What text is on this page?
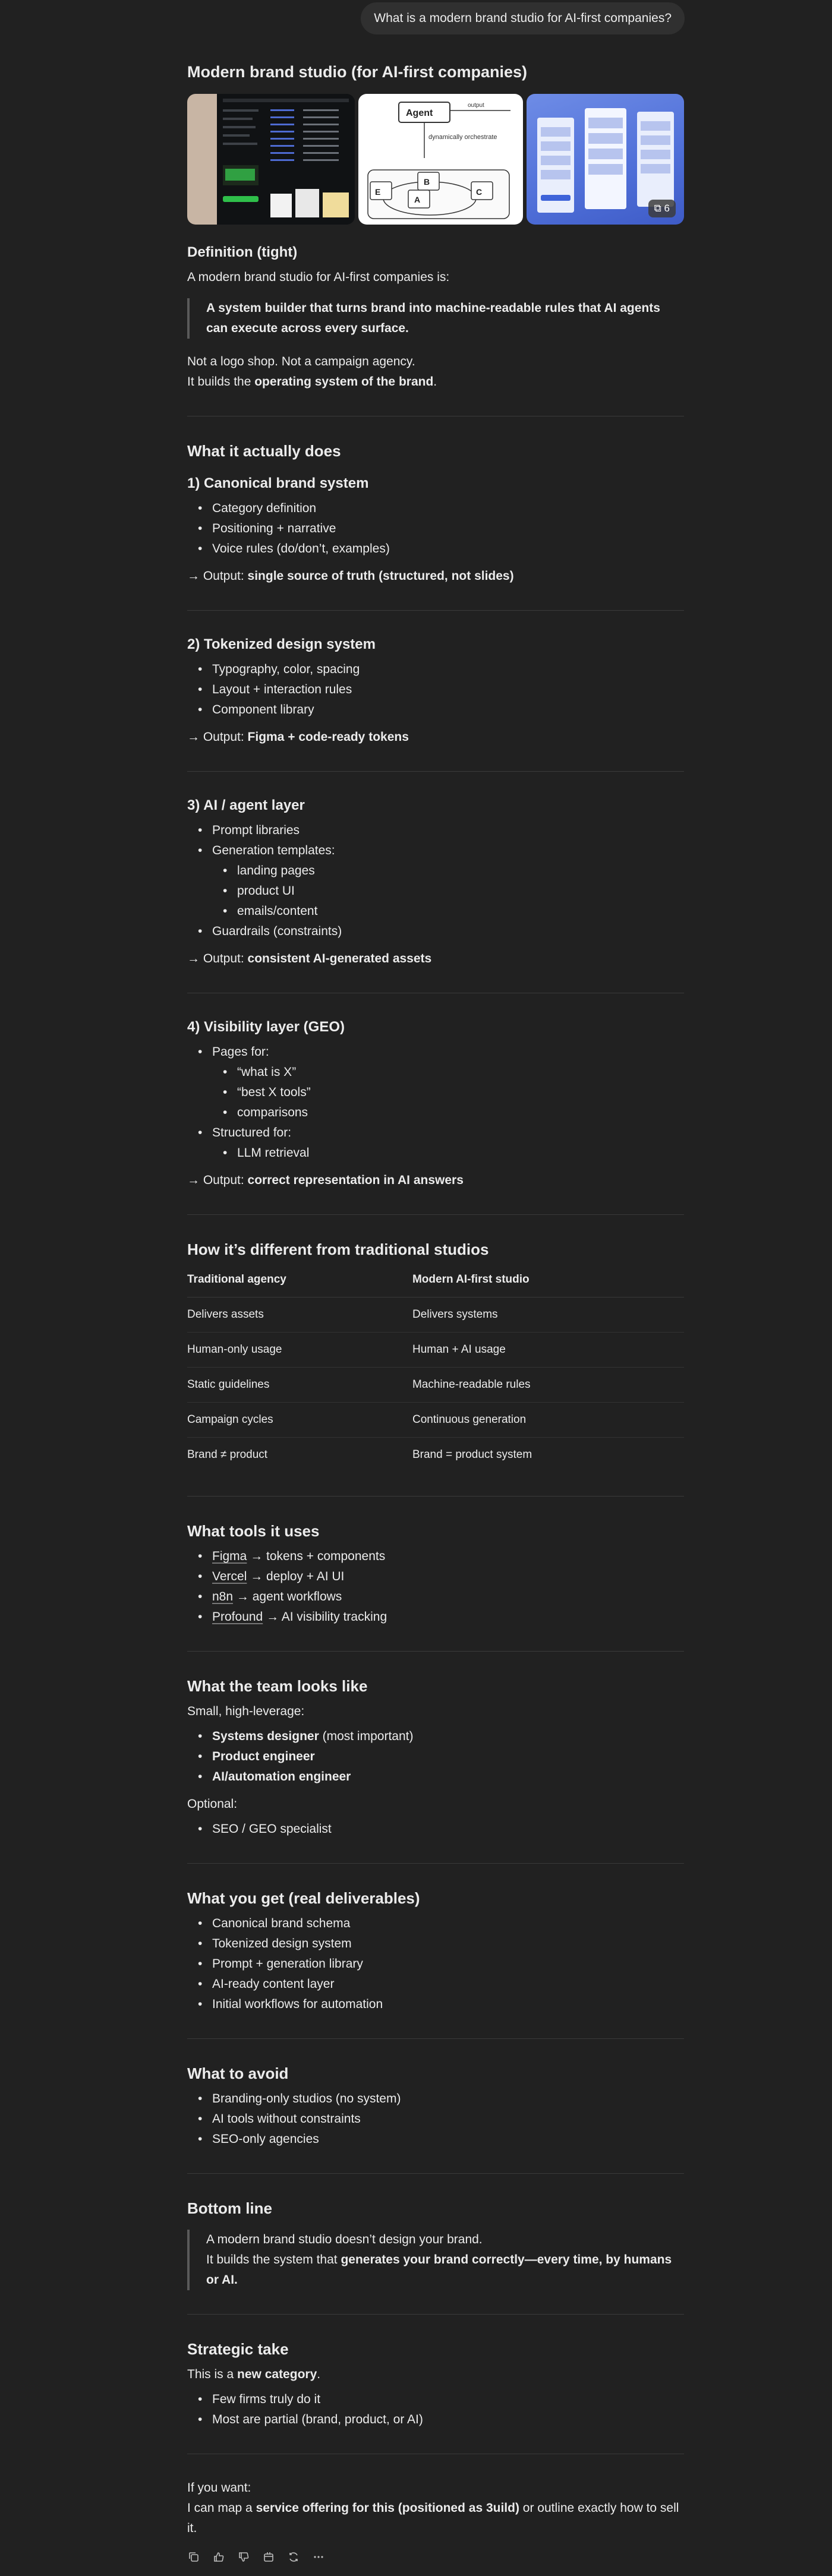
What is a modern brand studio for AI-first companies?
Modern brand studio (for AI-first companies)
Agent
output
dynamically orchestrate
E
B
A
C
⧉ 6
Definition (tight)

A modern brand studio for AI-first companies is:

A system builder that turns brand into machine-readable rules that AI agents can execute across every surface.

Not a logo shop. Not a campaign agency.

It builds the operating system of the brand.

What it actually does
1) Canonical brand system
• Category definition
• Positioning + narrative
• Voice rules (do/don’t, examples)

→ Output: single source of truth (structured, not slides)

2) Tokenized design system
• Typography, color, spacing
• Layout + interaction rules
• Component library

→ Output: Figma + code-ready tokens

3) AI / agent layer
• Prompt libraries
• Generation templates:
• landing pages
• product UI
• emails/content
• Guardrails (constraints)

→ Output: consistent AI-generated assets

4) Visibility layer (GEO)
• Pages for:
• “what is X”
• “best X tools”
• comparisons
• Structured for:
• LLM retrieval

→ Output: correct representation in AI answers

How it’s different from traditional studios
Traditional agency	Modern AI-first studio
Delivers assets	Delivers systems
Human-only usage	Human + AI usage
Static guidelines	Machine-readable rules
Campaign cycles	Continuous generation
Brand ≠ product	Brand = product system
What tools it uses
• Figma → tokens + components
• Vercel → deploy + AI UI
• n8n → agent workflows
• Profound → AI visibility tracking
What the team looks like

Small, high-leverage:

• Systems designer (most important)
• Product engineer
• AI/automation engineer

Optional:

• SEO / GEO specialist
What you get (real deliverables)
• Canonical brand schema
• Tokenized design system
• Prompt + generation library
• AI-ready content layer
• Initial workflows for automation
What to avoid
• Branding-only studios (no system)
• AI tools without constraints
• SEO-only agencies
Bottom line

A modern brand studio doesn’t design your brand.

It builds the system that generates your brand correctly—every time, by humans or AI.

Strategic take

This is a new category.

• Few firms truly do it
• Most are partial (brand, product, or AI)

If you want:

I can map a service offering for this (positioned as 3uild) or outline exactly how to sell it.
